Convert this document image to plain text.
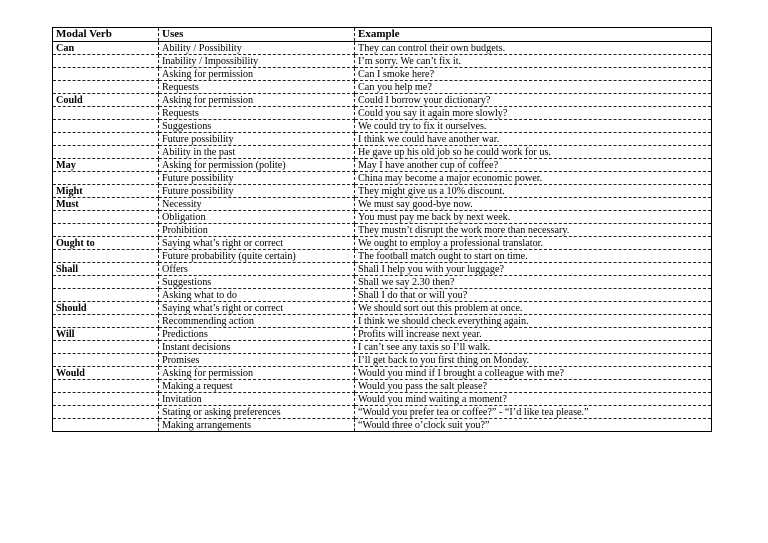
Modal Verb	Uses	Example
Can	Ability / Possibility	They can control their own budgets.
	Inability / Impossibility	I’m sorry. We can’t fix it.
	Asking for permission	Can I smoke here?
	Requests	Can you help me?
Could	Asking for permission	Could I borrow your dictionary?
	Requests	Could you say it again more slowly?
	Suggestions	We could try to fix it ourselves.
	Future possibility	I think we could have another war.
	Ability in the past	He gave up his old job so he could work for us.
May	Asking for permission (polite)	May I have another cup of coffee?
	Future possibility	China may become a major economic power.
Might	Future possibility	They might give us a 10% discount.
Must	Necessity	We must say good-bye now.
	Obligation	You must pay me back by next week.
	Prohibition	They mustn’t disrupt the work more than necessary.
Ought to	Saying what’s right or correct	We ought to employ a professional translator.
	Future probability (quite certain)	The football match ought to start on time.
Shall	Offers	Shall I help you with your luggage?
	Suggestions	Shall we say 2.30 then?
	Asking what to do	Shall I do that or will you?
Should	Saying what’s right or correct	We should sort out this problem at once.
	Recommending action	I think we should check everything again.
Will	Predictions	Profits will increase next year.
	Instant decisions	I can’t see any taxis so I’ll walk.
	Promises	I’ll get back to you first thing on Monday.
Would	Asking for permission	Would you mind if I brought a colleague with me?
	Making a request	Would you pass the salt please?
	Invitation	Would you mind waiting a moment?
	Stating or asking preferences	“Would you prefer tea or coffee?” - “I’d like tea please.”
	Making arrangements	“Would three o’clock suit you?”
